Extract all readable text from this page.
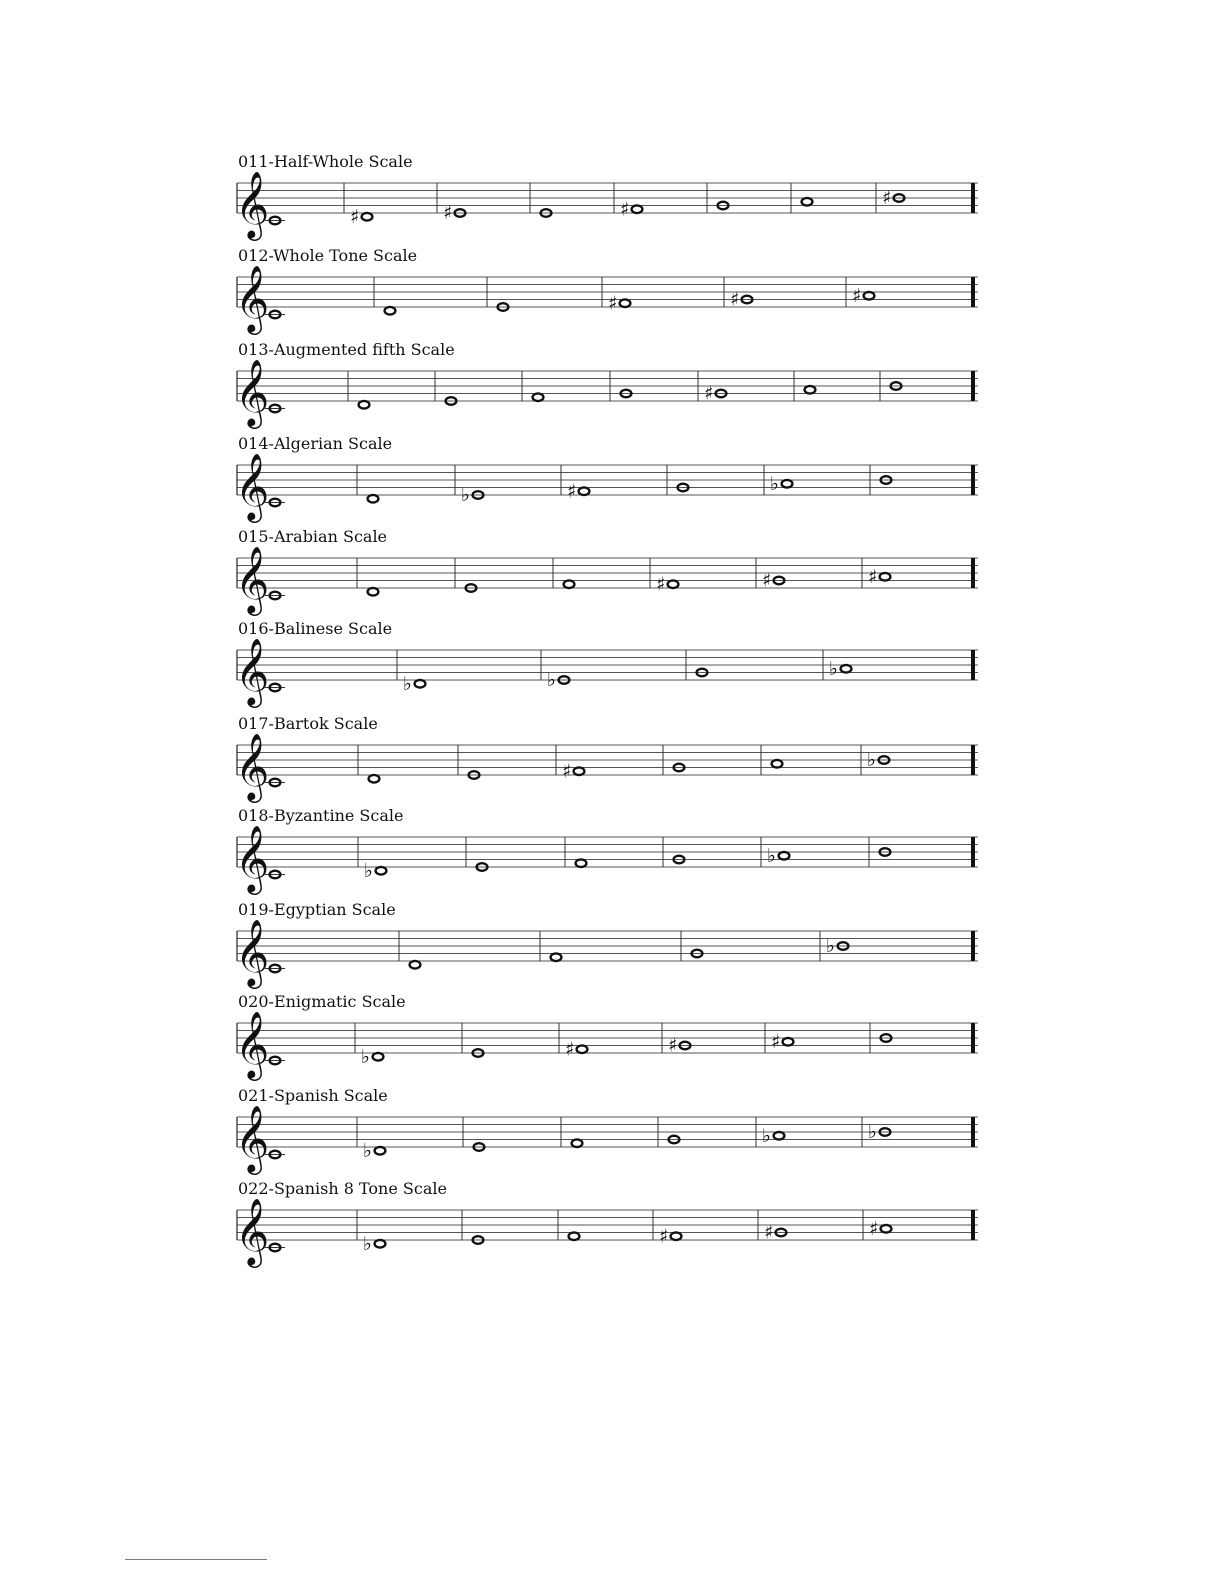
011-Half-Whole Scale
𝄞	♯	♯	♯
♯
012-Whole Tone Scale
𝄞	♯	♯	♯
013-Augmented fifth Scale
𝄞	♯
014-Algerian Scale
𝄞	♭	♯	♭
015-Arabian Scale
𝄞	♯	♯	♯
016-Balinese Scale
𝄞	♭	♭
♭
017-Bartok Scale
𝄞	♯
♭
018-Byzantine Scale
𝄞	♭
♭
019-Egyptian Scale
𝄞	♭
020-Enigmatic Scale
𝄞	♭	♯	♯	♯
021-Spanish Scale
𝄞	♭
♭	♭
022-Spanish 8 Tone Scale
𝄞	♭	♯	♯	♯
